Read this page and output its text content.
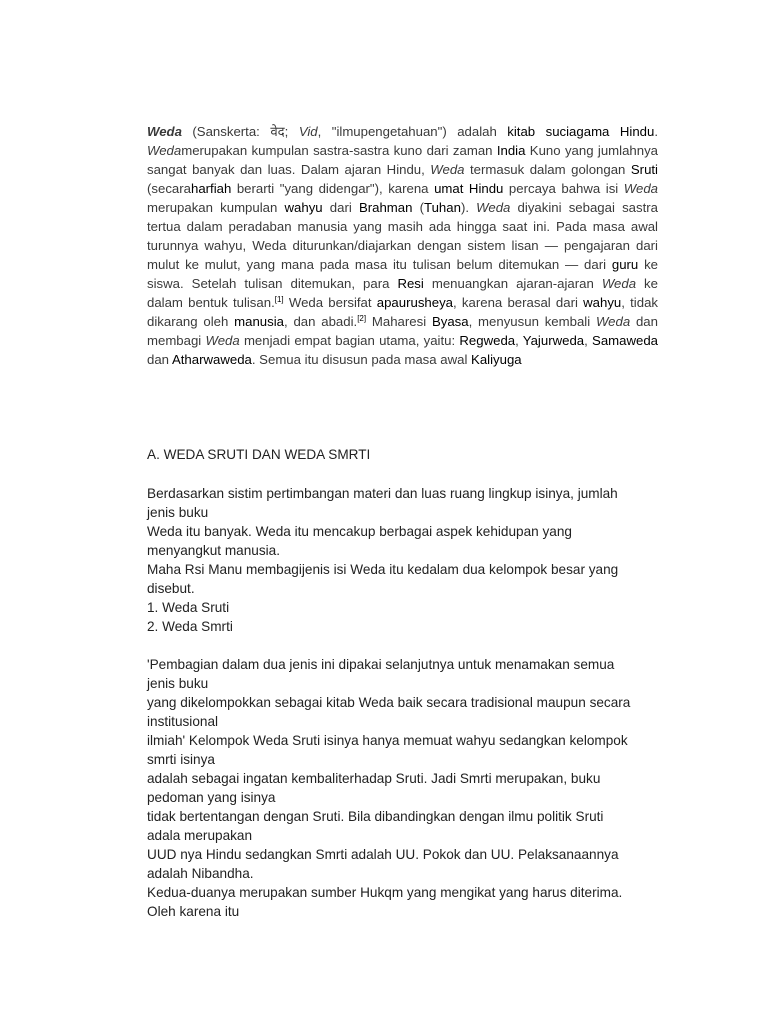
Weda (Sanskerta: वेद; Vid, "ilmupengetahuan") adalah kitab suciagama Hindu. Wedamerupakan kumpulan sastra-sastra kuno dari zaman India Kuno yang jumlahnya sangat banyak dan luas. Dalam ajaran Hindu, Weda termasuk dalam golongan Sruti (secaraharfiah berarti "yang didengar"), karena umat Hindu percaya bahwa isi Weda merupakan kumpulan wahyu dari Brahman (Tuhan). Weda diyakini sebagai sastra tertua dalam peradaban manusia yang masih ada hingga saat ini. Pada masa awal turunnya wahyu, Weda diturunkan/diajarkan dengan sistem lisan — pengajaran dari mulut ke mulut, yang mana pada masa itu tulisan belum ditemukan — dari guru ke siswa. Setelah tulisan ditemukan, para Resi menuangkan ajaran-ajaran Weda ke dalam bentuk tulisan.[1] Weda bersifat apaurusheya, karena berasal dari wahyu, tidak dikarang oleh manusia, dan abadi.[2] Maharesi Byasa, menyusun kembali Weda dan membagi Weda menjadi empat bagian utama, yaitu: Regweda, Yajurweda, Samaweda dan Atharwaweda. Semua itu disusun pada masa awal Kaliyuga

A. WEDA SRUTI DAN WEDA SMRTI

Berdasarkan sistim pertimbangan materi dan luas ruang lingkup isinya, jumlah
jenis buku
Weda itu banyak. Weda itu mencakup berbagai aspek kehidupan yang
menyangkut manusia.
Maha Rsi Manu membagijenis isi Weda itu kedalam dua kelompok besar yang
disebut.
1. Weda Sruti
2. Weda Smrti
'Pembagian dalam dua jenis ini dipakai selanjutnya untuk menamakan semua
jenis buku
yang dikelompokkan sebagai kitab Weda baik secara tradisional maupun secara
institusional
ilmiah' Kelompok Weda Sruti isinya hanya memuat wahyu sedangkan kelompok
smrti isinya
adalah sebagai ingatan kembaliterhadap Sruti. Jadi Smrti merupakan, buku
pedoman yang isinya
tidak bertentangan dengan Sruti. Bila dibandingkan dengan ilmu politik Sruti
adala merupakan
UUD nya Hindu sedangkan Smrti adalah UU. Pokok dan UU. Pelaksanaannya
adalah Nibandha.
Kedua-duanya merupakan sumber Hukqm yang mengikat yang harus diterima.
Oleh karena itu
